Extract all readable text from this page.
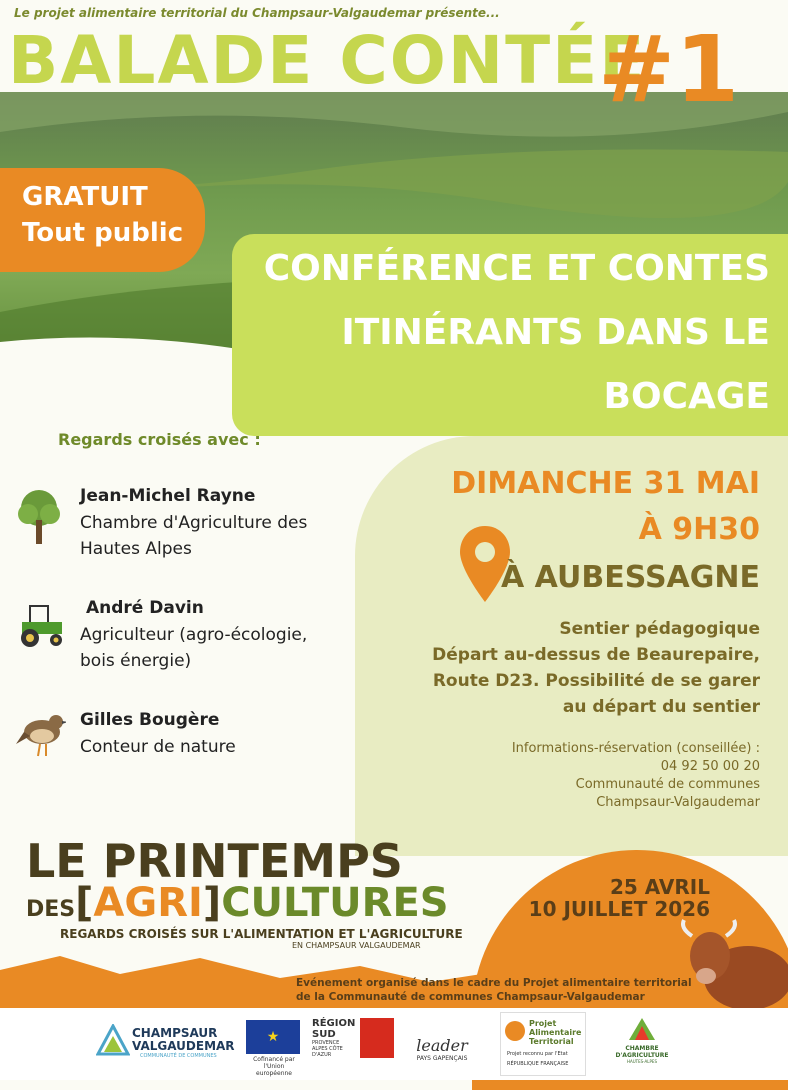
Le projet alimentaire territorial du Champsaur-Valgaudemar présente...
BALADE CONTÉE
#1
GRATUIT
Tout public
CONFÉRENCE ET CONTES
ITINÉRANTS DANS LE
BOCAGE
Regards croisés avec :
Jean-Michel Rayne
Chambre d'Agriculture des
Hautes Alpes
André Davin
Agriculteur (agro-écologie,
bois énergie)
Gilles Bougère
Conteur de nature
DIMANCHE 31 MAI
À 9H30
À AUBESSAGNE
Sentier pédagogique
Départ au-dessus de Beaurepaire,
Route D23. Possibilité de se garer
au départ du sentier
Informations-réservation (conseillée) :
04 92 50 00 20
Communauté de communes
Champsaur-Valgaudemar
25 AVRIL
10 JUILLET 2026
LE PRINTEMPS
DES[AGRI]CULTURES
REGARDS CROISÉS SUR L'ALIMENTATION ET L'AGRICULTURE
EN CHAMPSAUR VALGAUDEMAR
Evénement organisé dans le cadre du Projet alimentaire territorial
de la Communauté de communes Champsaur-Valgaudemar
CHAMPSAUR
VALGAUDEMAR
COMMUNAUTÉ DE COMMUNES
★
Cofinancé par l'Union européenne
RÉGION
SUD
PROVENCE ALPES CÔTE D'AZUR	leader
PAYS GAPENÇAIS
Projet
Alimentaire
Territorial
Projet reconnu par l'Etat
RÉPUBLIQUE FRANÇAISE
CHAMBRE
D'AGRICULTURE
HAUTES-ALPES
